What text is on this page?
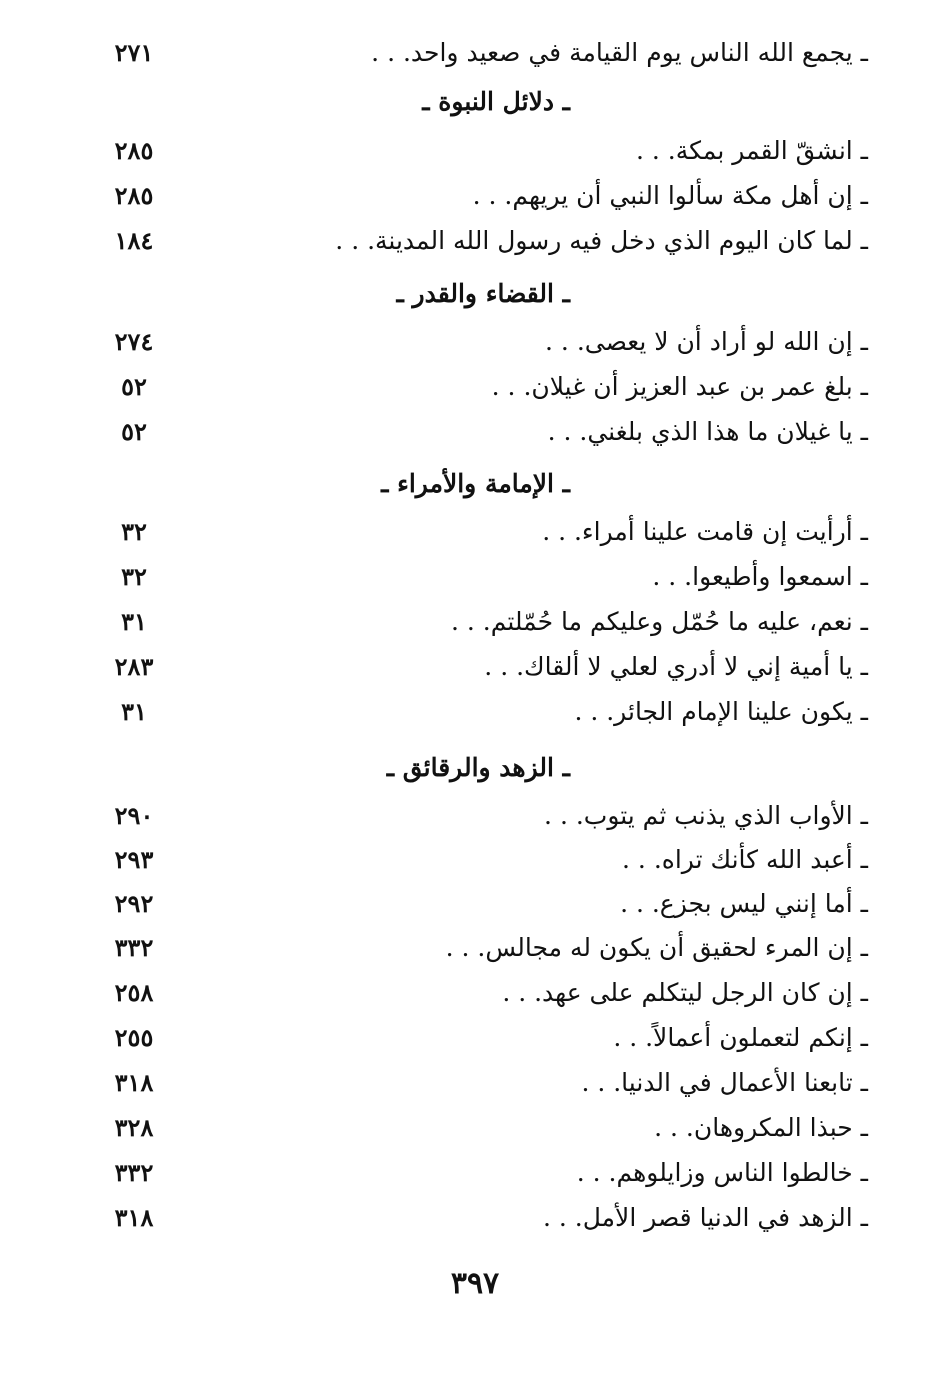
ـ يجمع الله الناس يوم القيامة في صعيد واحد. . .
٢٧١
ـ دلائل النبوة ـ
ـ انشقّ القمر بمكة. . .
٢٨٥
ـ إن أهل مكة سألوا النبي أن يريهم. . .
٢٨٥
ـ لما كان اليوم الذي دخل فيه رسول الله المدينة. . .
١٨٤
ـ القضاء والقدر ـ
ـ إن الله لو أراد أن لا يعصى. . .
٢٧٤
ـ بلغ عمر بن عبد العزيز أن غيلان. . .
٥٢
ـ يا غيلان ما هذا الذي بلغني. . .
٥٢
ـ الإمامة والأمراء ـ
ـ أرأيت إن قامت علينا أمراء. . .
٣٢
ـ اسمعوا وأطيعوا. . .
٣٢
ـ نعم، عليه ما حُمّل وعليكم ما حُمّلتم. . .
٣١
ـ يا أمية إني لا أدري لعلي لا ألقاك. . .
٢٨٣
ـ يكون علينا الإمام الجائر. . .
٣١
ـ الزهد والرقائق ـ
ـ الأواب الذي يذنب ثم يتوب. . .
٢٩٠
ـ أعبد الله كأنك تراه. . .
٢٩٣
ـ أما إنني ليس بجزع. . .
٢٩٢
ـ إن المرء لحقيق أن يكون له مجالس. . .
٣٣٢
ـ إن كان الرجل ليتكلم على عهد. . .
٢٥٨
ـ إنكم لتعملون أعمالاً. . .
٢٥٥
ـ تابعنا الأعمال في الدنيا. . .
٣١٨
ـ حبذا المكروهان. . .
٣٢٨
ـ خالطوا الناس وزايلوهم. . .
٣٣٢
ـ الزهد في الدنيا قصر الأمل. . .
٣١٨
٣٩٧
